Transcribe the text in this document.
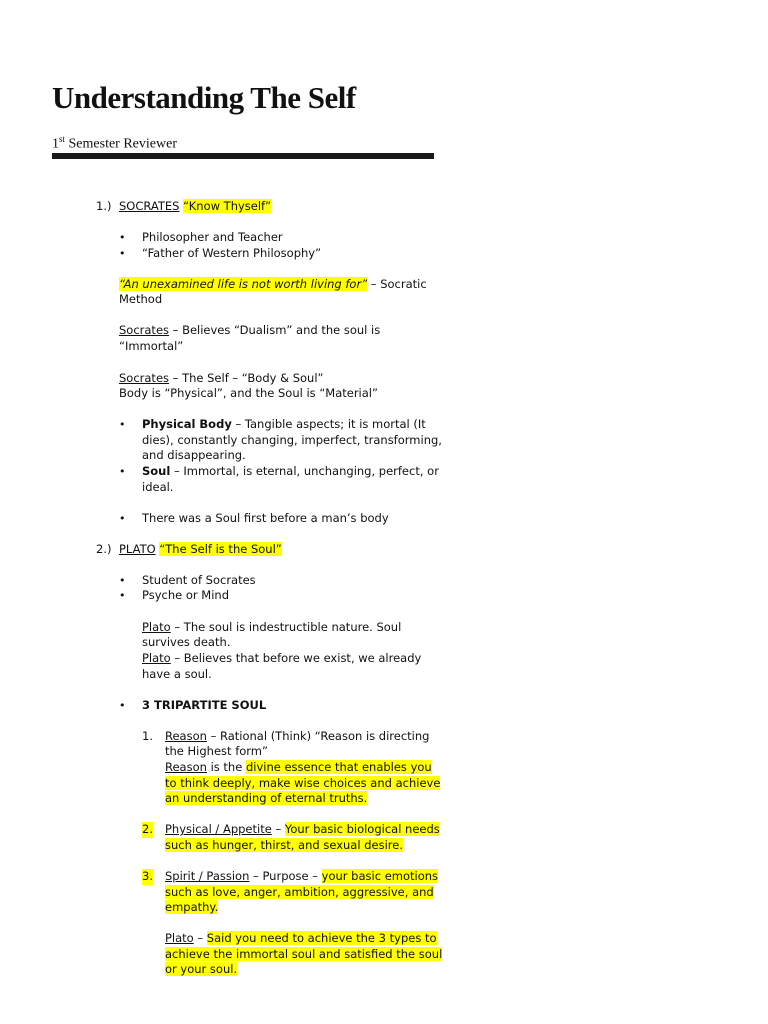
Understanding The Self
1st Semester Reviewer
1.) SOCRATES “Know Thyself”
• Philosopher and Teacher
• “Father of Western Philosophy”
“An unexamined life is not worth living for” – Socratic
Method
Socrates – Believes “Dualism” and the soul is
“Immortal”
Socrates – The Self – “Body & Soul”
Body is “Physical”, and the Soul is “Material”
• Physical Body – Tangible aspects; it is mortal (It
dies), constantly changing, imperfect, transforming,
and disappearing.
• Soul – Immortal, is eternal, unchanging, perfect, or
ideal.
• There was a Soul first before a man’s body
2.) PLATO “The Self is the Soul”
• Student of Socrates
• Psyche or Mind
Plato – The soul is indestructible nature. Soul
survives death.
Plato – Believes that before we exist, we already
have a soul.
• 3 TRIPARTITE SOUL
1. Reason – Rational (Think) “Reason is directing
the Highest form”
Reason is the divine essence that enables you
to think deeply, make wise choices and achieve
an understanding of eternal truths.
2. Physical / Appetite – Your basic biological needs
such as hunger, thirst, and sexual desire.
3. Spirit / Passion – Purpose – your basic emotions
such as love, anger, ambition, aggressive, and
empathy.
Plato – Said you need to achieve the 3 types to
achieve the immortal soul and satisfied the soul
or your soul.
